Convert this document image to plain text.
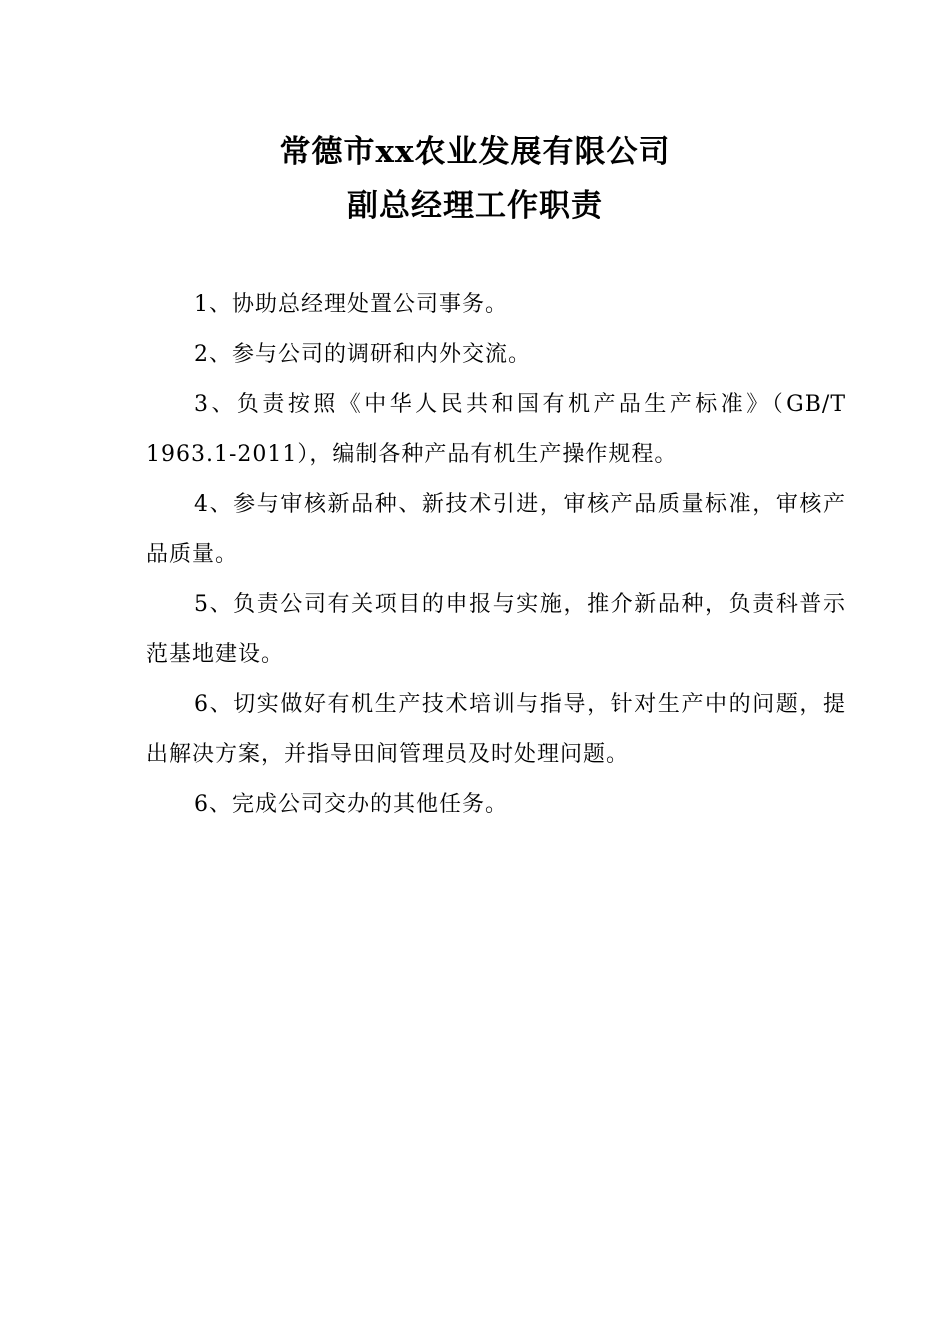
常德市xx农业发展有限公司
副总经理工作职责

1、协助总经理处置公司事务。

2、参与公司的调研和内外交流。

3、负责按照《中华人民共和国有机产品生产标准》（GB/T 1963.1-2011），编制各种产品有机生产操作规程。

4、参与审核新品种、新技术引进，审核产品质量标准，审核产品质量。

5、负责公司有关项目的申报与实施，推介新品种，负责科普示范基地建设。

6、切实做好有机生产技术培训与指导，针对生产中的问题，提出解决方案，并指导田间管理员及时处理问题。

6、完成公司交办的其他任务。
